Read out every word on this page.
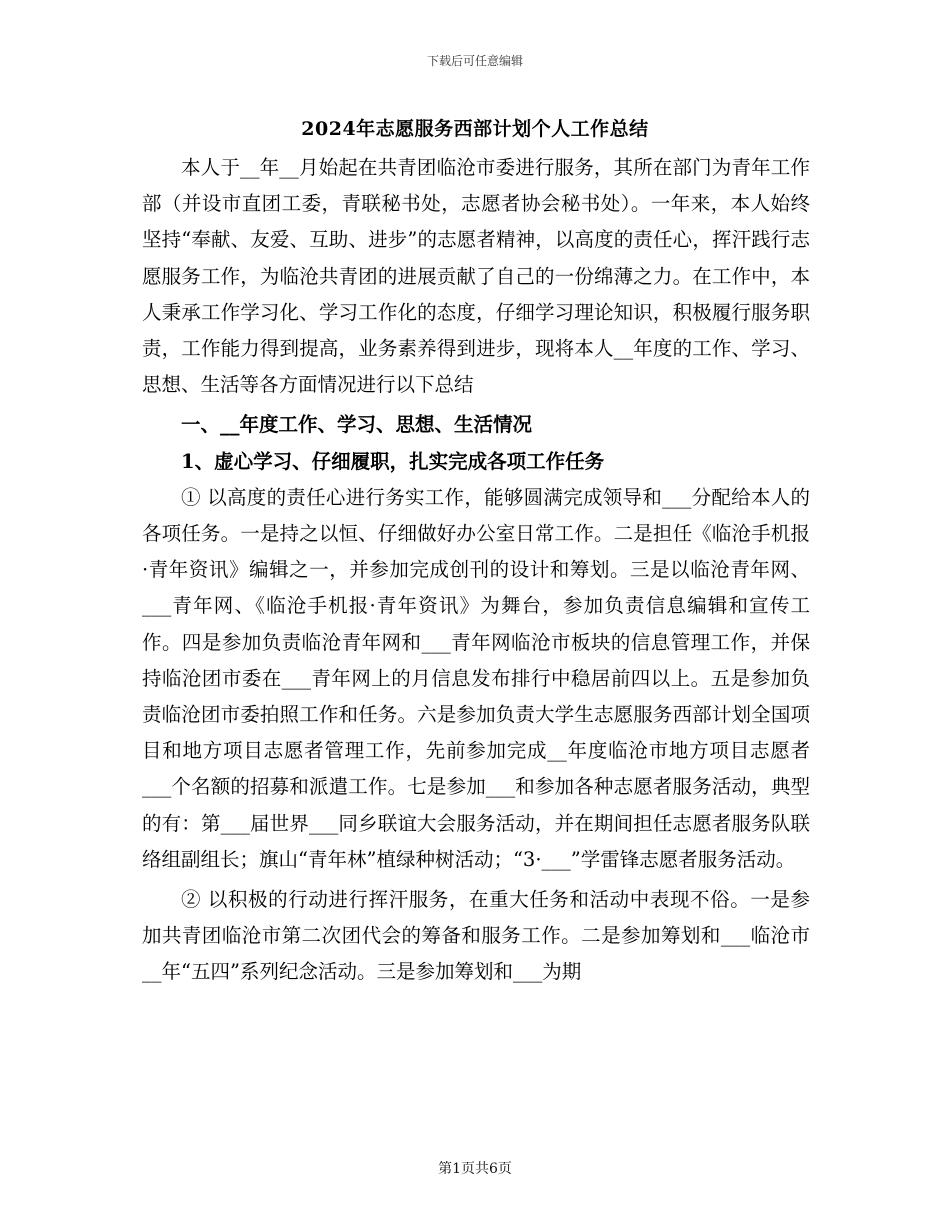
下载后可任意编辑
2024年志愿服务西部计划个人工作总结

本人于__年__月始起在共青团临沧市委进行服务，其所在部门为青年工作部（并设市直团工委，青联秘书处，志愿者协会秘书处）。一年来，本人始终坚持“奉献、友爱、互助、进步”的志愿者精神，以高度的责任心，挥汗践行志愿服务工作，为临沧共青团的进展贡献了自己的一份绵薄之力。在工作中，本人秉承工作学习化、学习工作化的态度，仔细学习理论知识，积极履行服务职责，工作能力得到提高，业务素养得到进步，现将本人__年度的工作、学习、思想、生活等各方面情况进行以下总结

一、__年度工作、学习、思想、生活情况

1、虚心学习、仔细履职，扎实完成各项工作任务

① 以高度的责任心进行务实工作，能够圆满完成领导和___分配给本人的各项任务。一是持之以恒、仔细做好办公室日常工作。二是担任《临沧手机报·青年资讯》编辑之一，并参加完成创刊的设计和筹划。三是以临沧青年网、___青年网、《临沧手机报·青年资讯》为舞台，参加负责信息编辑和宣传工作。四是参加负责临沧青年网和___青年网临沧市板块的信息管理工作，并保持临沧团市委在___青年网上的月信息发布排行中稳居前四以上。五是参加负责临沧团市委拍照工作和任务。六是参加负责大学生志愿服务西部计划全国项目和地方项目志愿者管理工作，先前参加完成__年度临沧市地方项目志愿者___个名额的招募和派遣工作。七是参加___和参加各种志愿者服务活动，典型的有：第___届世界___同乡联谊大会服务活动，并在期间担任志愿者服务队联络组副组长；旗山“青年林”植绿种树活动；“3·___”学雷锋志愿者服务活动。

② 以积极的行动进行挥汗服务，在重大任务和活动中表现不俗。一是参加共青团临沧市第二次团代会的筹备和服务工作。二是参加筹划和___临沧市__年“五四”系列纪念活动。三是参加筹划和___为期

第1页共6页
